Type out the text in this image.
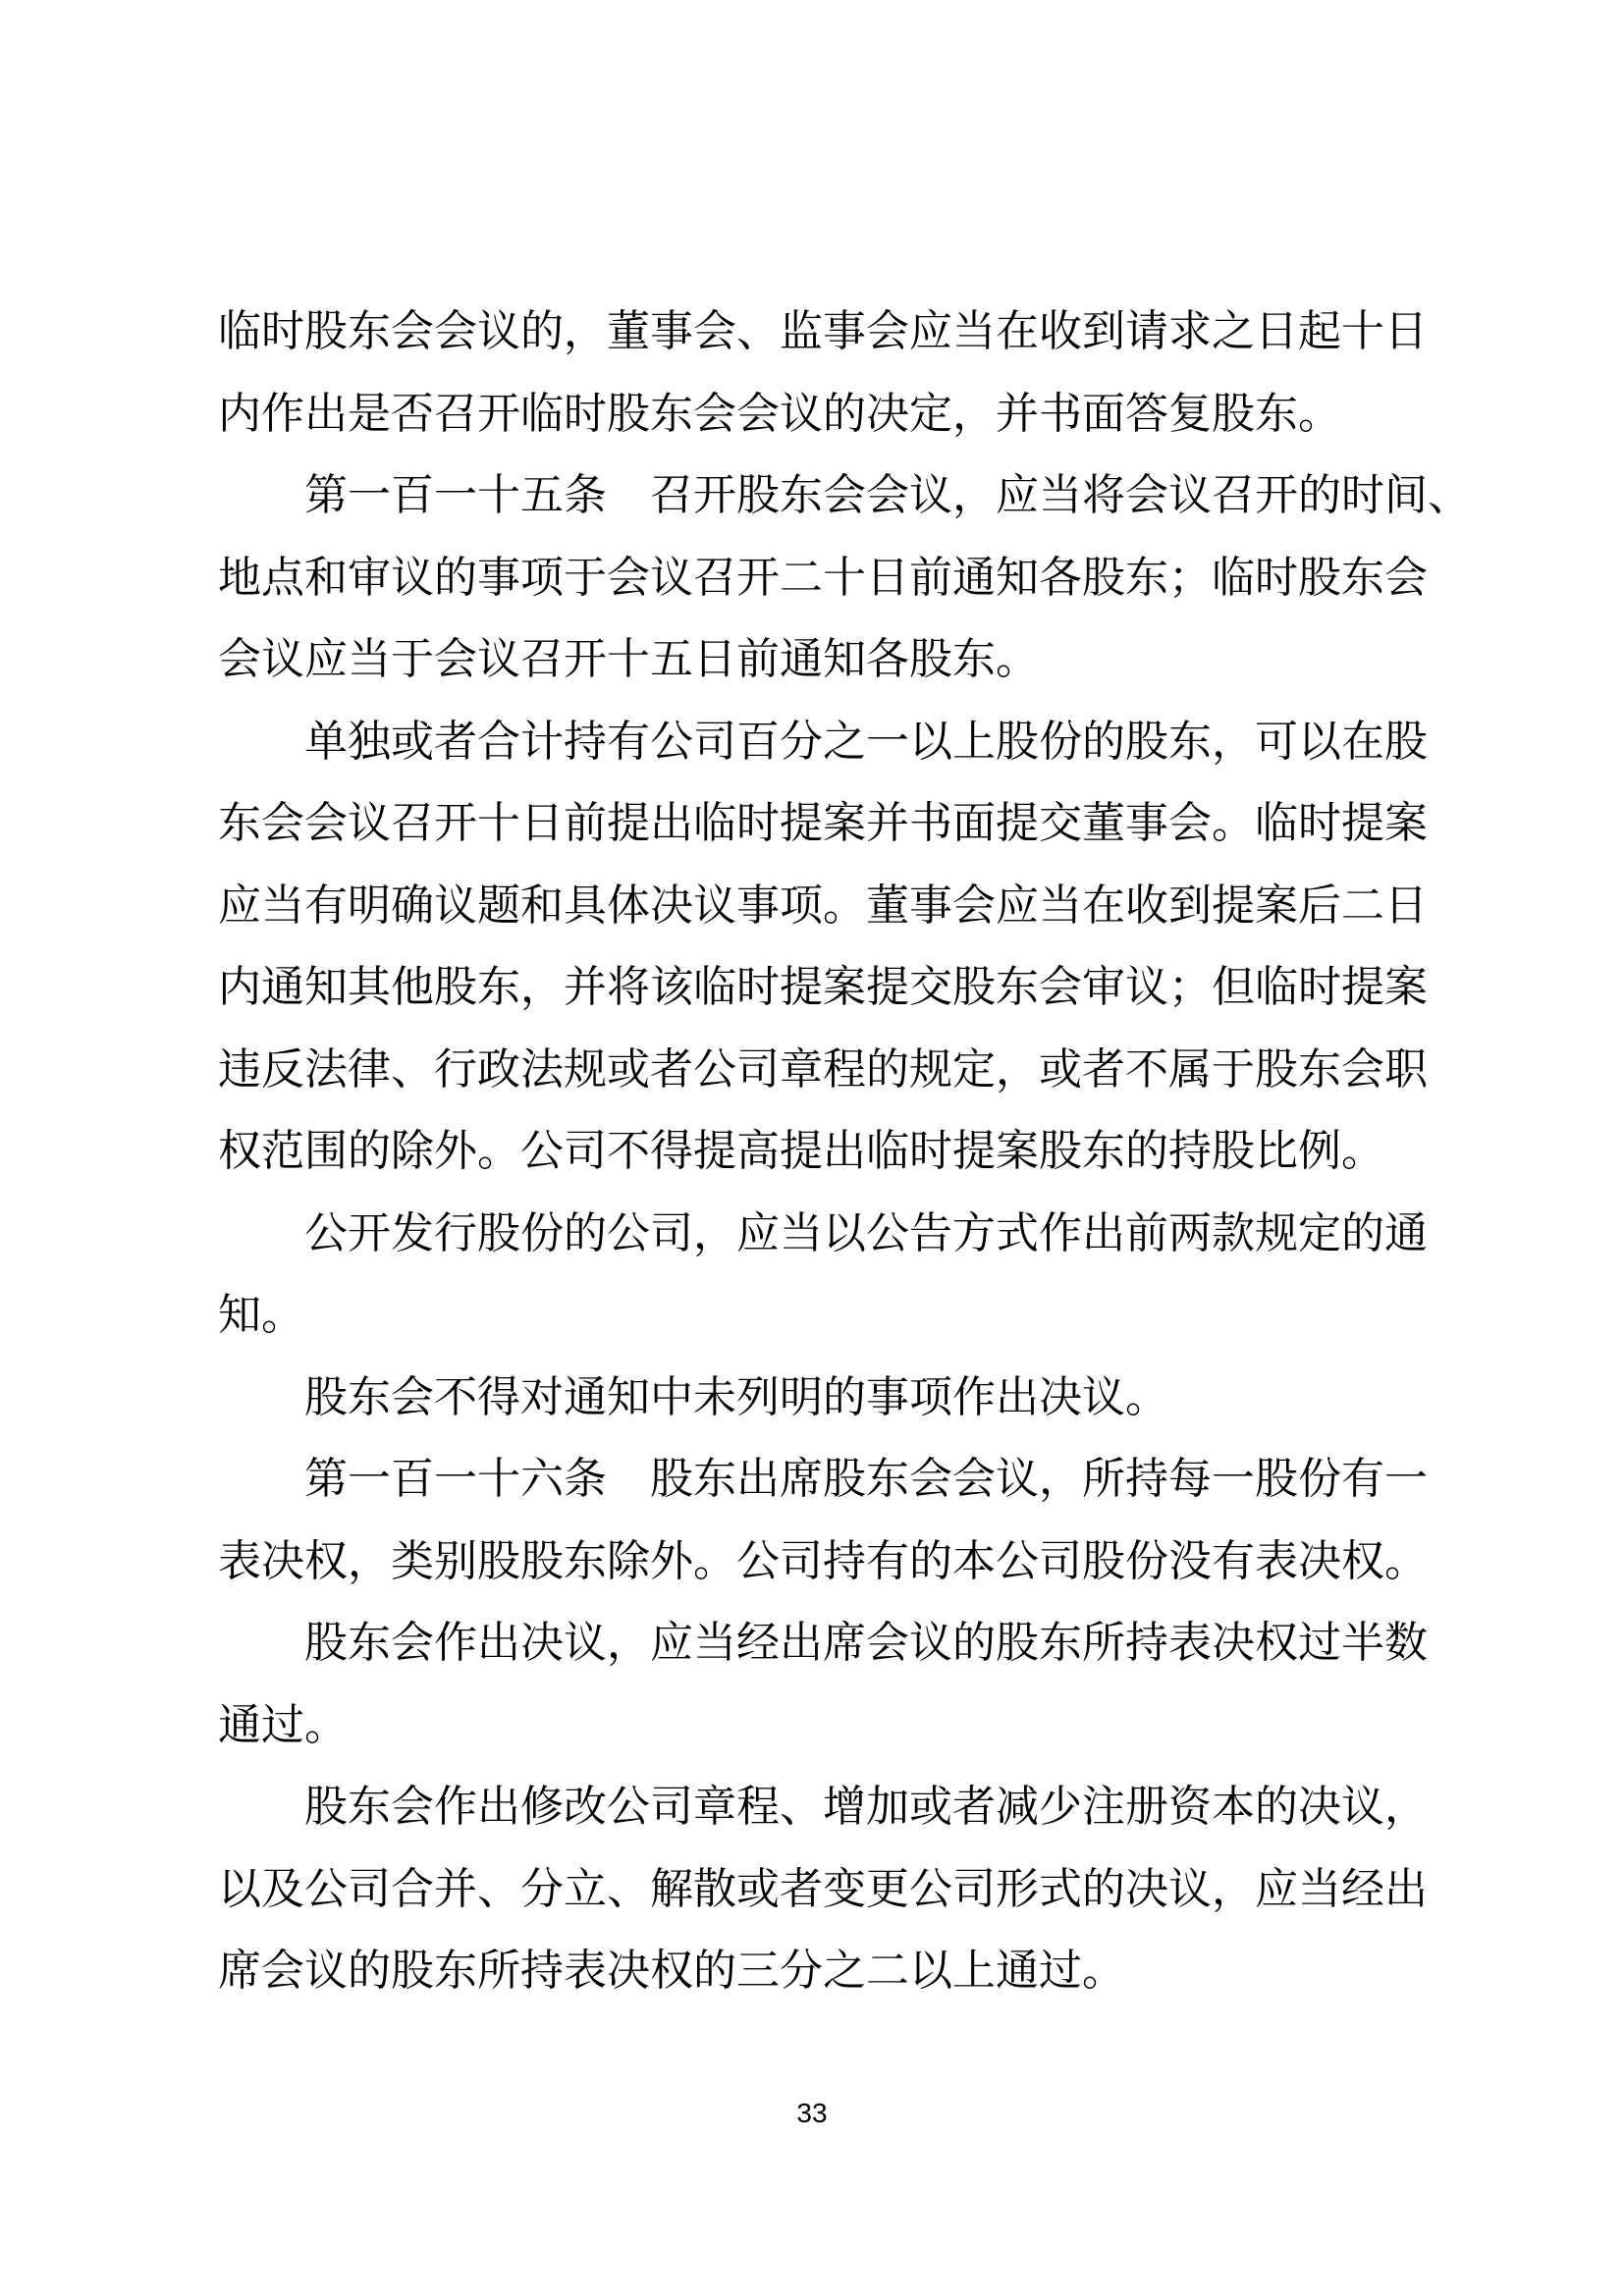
临时股东会会议的，董事会、监事会应当在收到请求之日起十日
内作出是否召开临时股东会会议的决定，并书面答复股东。
第一百一十五条　召开股东会会议，应当将会议召开的时间、
地点和审议的事项于会议召开二十日前通知各股东；临时股东会
会议应当于会议召开十五日前通知各股东。
单独或者合计持有公司百分之一以上股份的股东，可以在股
东会会议召开十日前提出临时提案并书面提交董事会。临时提案
应当有明确议题和具体决议事项。董事会应当在收到提案后二日
内通知其他股东，并将该临时提案提交股东会审议；但临时提案
违反法律、行政法规或者公司章程的规定，或者不属于股东会职
权范围的除外。公司不得提高提出临时提案股东的持股比例。
公开发行股份的公司，应当以公告方式作出前两款规定的通
知。
股东会不得对通知中未列明的事项作出决议。
第一百一十六条　股东出席股东会会议，所持每一股份有一
表决权，类别股股东除外。公司持有的本公司股份没有表决权。
股东会作出决议，应当经出席会议的股东所持表决权过半数
通过。
股东会作出修改公司章程、增加或者减少注册资本的决议，
以及公司合并、分立、解散或者变更公司形式的决议，应当经出
席会议的股东所持表决权的三分之二以上通过。
33
